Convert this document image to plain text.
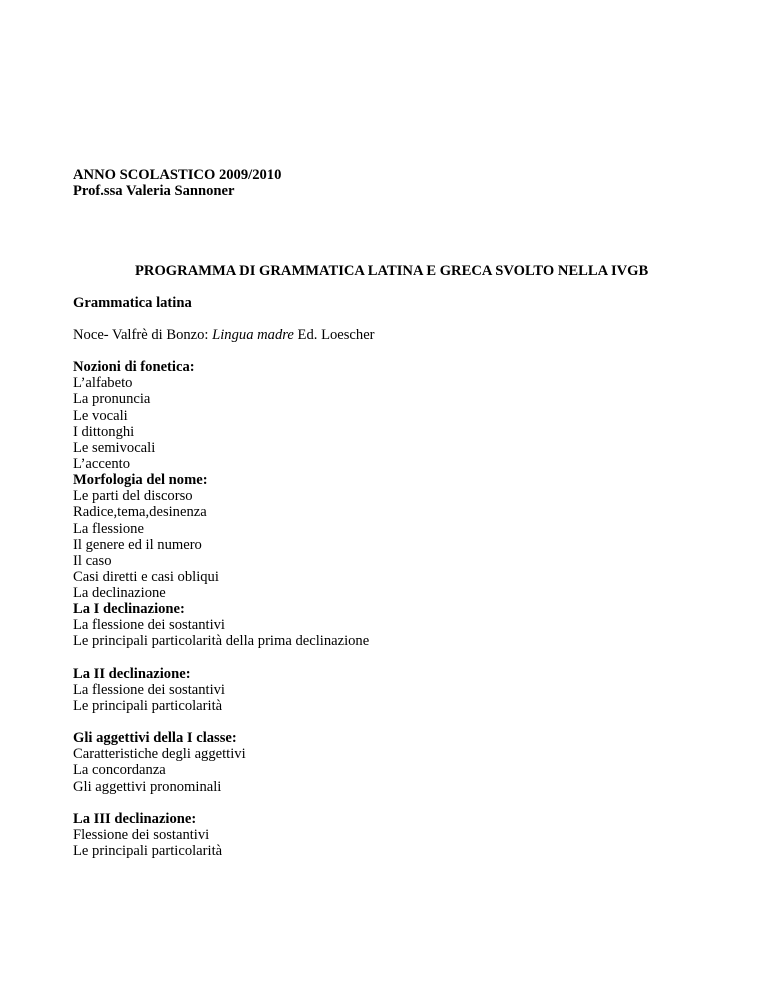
ANNO SCOLASTICO 2009/2010
Prof.ssa Valeria Sannoner
PROGRAMMA DI GRAMMATICA LATINA E GRECA SVOLTO NELLA IVGB
Grammatica latina
Noce- Valfrè di Bonzo: Lingua madre Ed. Loescher
Nozioni di fonetica:
L’alfabeto
La pronuncia
Le vocali
I dittonghi
Le semivocali
L’accento
Morfologia del nome:
Le parti del discorso
Radice,tema,desinenza
La flessione
Il genere ed il numero
Il caso
Casi diretti e casi obliqui
La declinazione
La I declinazione:
La flessione dei sostantivi
Le principali particolarità della prima declinazione
La II declinazione:
La flessione dei sostantivi
Le principali particolarità
Gli aggettivi della I classe:
Caratteristiche degli aggettivi
La concordanza
Gli aggettivi pronominali
La III declinazione:
Flessione dei sostantivi
Le principali particolarità
